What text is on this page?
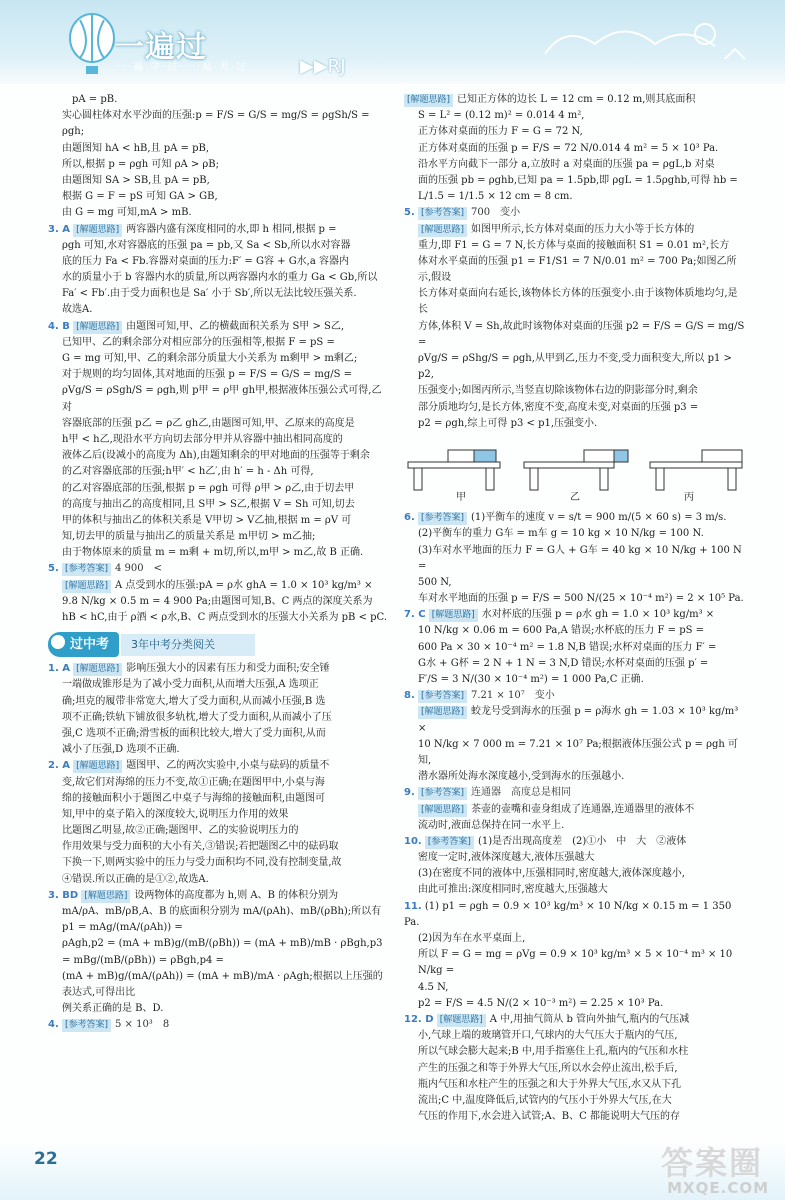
一遍过
一·遍·学·过·一·遍·考·过	▶▶RJ

pA = pB.

实心圆柱体对水平沙面的压强:p = F/S = G/S = mg/S = ρgSh/S = ρgh;

由题图知 hA < hB,且 pA = pB,

所以,根据 p = ρgh 可知 ρA > ρB;

由题图知 SA > SB,且 pA = pB,

根据 G = F = pS 可知 GA > GB,

由 G = mg 可知,mA > mB.

3. A [解题思路] 两容器内盛有深度相同的水,即 h 相同,根据 p =

ρgh 可知,水对容器底的压强 pa = pb,又 Sa < Sb,所以水对容器

底的压力 Fa < Fb.容器对桌面的压力:F′ = G容 + G水,a 容器内

水的质量小于 b 容器内水的质量,所以两容器内水的重力 Ga < Gb,所以

Fa′ < Fb′.由于受力面积也是 Sa′ 小于 Sb′,所以无法比较压强关系.

故选A.

4. B [解题思路] 由题图可知,甲、乙的横截面积关系为 S甲 > S乙,

已知甲、乙的剩余部分对相应部分的压强相等,根据 F = pS =

G = mg 可知,甲、乙的剩余部分质量大小关系为 m剩甲 > m剩乙;

对于规则的均匀固体,其对地面的压强 p = F/S = G/S = mg/S =

ρVg/S = ρSgh/S = ρgh,则 p甲 = ρ甲 gh甲,根据液体压强公式可得,乙对

容器底部的压强 p乙 = ρ乙 gh乙,由题图可知,甲、乙原来的高度是

h甲 < h乙,现沿水平方向切去部分甲并从容器中抽出相同高度的

液体乙后(设减小的高度为 Δh),由题知剩余的甲对地面的压强等于剩余

的乙对容器底部的压强;h甲′ < h乙′,由 h′ = h - Δh 可得,

的乙对容器底部的压强,根据 p = ρgh 可得 ρ甲 > ρ乙,由于切去甲

的高度与抽出乙的高度相同,且 S甲 > S乙,根据 V = Sh 可知,切去

甲的体积与抽出乙的体积关系是 V甲切 > V乙抽,根据 m = ρV 可

知,切去甲的质量与抽出乙的质量关系是 m甲切 > m乙抽;

由于物体原来的质量 m = m剩 + m切,所以,m甲 > m乙,故 B 正确.

5. [参考答案] 4 900　<

[解题思路] A 点受到水的压强:pA = ρ水 ghA = 1.0 × 10³ kg/m³ ×

9.8 N/kg × 0.5 m = 4 900 Pa;由题图可知,B、C 两点的深度关系为

hB < hC,由于 ρ酒 < ρ水,B、C 两点受到水的压强大小关系为 pB < pC.

过中考	3年中考分类阅关

1. A [解题思路] 影响压强大小的因素有压力和受力面积;安全锤

一端做成锥形是为了减小受力面积,从而增大压强,A 选项正

确;坦克的履带非常宽大,增大了受力面积,从而减小压强,B 选

项不正确;铁轨下铺放很多轨枕,增大了受力面积,从而减小了压

强,C 选项不正确;滑雪板的面积比较大,增大了受力面积,从而

减小了压强,D 选项不正确.

2. A [解题思路] 题图甲、乙的两次实验中,小桌与砝码的质量不

变,故它们对海绵的压力不变,故①正确;在题图甲中,小桌与海

绵的接触面积小于题图乙中桌子与海绵的接触面积,由题图可

知,甲中的桌子陷入的深度较大,说明压力作用的效果

比题图乙明显,故②正确;题图甲、乙的实验说明压力的

作用效果与受力面积的大小有关,③错误;若把题图乙中的砝码取

下换一下,则两实验中的压力与受力面积均不同,没有控制变量,故

④错误.所以正确的是①②,故选A.

3. BD [解题思路] 设两物体的高度都为 h,则 A、B 的体积分别为

mA/ρA、mB/ρB,A、B 的底面积分别为 mA/(ρAh)、mB/(ρBh);所以有 p1 = mAg/(mA/(ρAh)) =

ρAgh,p2 = (mA + mB)g/(mB/(ρBh)) = (mA + mB)/mB · ρBgh,p3 = mBg/(mB/(ρBh)) = ρBgh,p4 =

(mA + mB)g/(mA/(ρAh)) = (mA + mB)/mA · ρAgh;根据以上压强的表达式,可得出比

例关系正确的是 B、D.

4. [参考答案] 5 × 10³　8

[解题思路] 已知正方体的边长 L = 12 cm = 0.12 m,则其底面积

S = L² = (0.12 m)² = 0.014 4 m²,

正方体对桌面的压力 F = G = 72 N,

正方体对桌面的压强 p = F/S = 72 N/0.014 4 m² = 5 × 10³ Pa.

沿水平方向截下一部分 a,立放时 a 对桌面的压强 pa = ρgL,b 对桌

面的压强 pb = ρghb,已知 pa = 1.5pb,即 ρgL = 1.5ρghb,可得 hb =

L/1.5 = 1/1.5 × 12 cm = 8 cm.

5. [参考答案] 700　变小

[解题思路] 如图甲所示,长方体对桌面的压力大小等于长方体的

重力,即 F1 = G = 7 N,长方体与桌面的接触面积 S1 = 0.01 m²,长方

体对水平桌面的压强 p1 = F1/S1 = 7 N/0.01 m² = 700 Pa;如图乙所示,假设

长方体对桌面向右延长,该物体长方体的压强变小.由于该物体质地均匀,是长

方体,体积 V = Sh,故此时该物体对桌面的压强 p2 = F/S = G/S = mg/S =

ρVg/S = ρShg/S = ρgh,从甲到乙,压力不变,受力面积变大,所以 p1 > p2,

压强变小;如图丙所示,当竖直切除该物体右边的阴影部分时,剩余

部分质地均匀,是长方体,密度不变,高度未变,对桌面的压强 p3 =

p2 = ρgh,综上可得 p3 < p1,压强变小.

甲	乙	丙

6. [参考答案] (1)平衡车的速度 v = s/t = 900 m/(5 × 60 s) = 3 m/s.

(2)平衡车的重力 G车 = m车 g = 10 kg × 10 N/kg = 100 N.

(3)车对水平地面的压力 F = G人 + G车 = 40 kg × 10 N/kg + 100 N =

500 N,

车对水平地面的压强 p = F/S = 500 N/(25 × 10⁻⁴ m²) = 2 × 10⁵ Pa.

7. C [解题思路] 水对杯底的压强 p = ρ水 gh = 1.0 × 10³ kg/m³ ×

10 N/kg × 0.06 m = 600 Pa,A 错误;水杯底的压力 F = pS =

600 Pa × 30 × 10⁻⁴ m² = 1.8 N,B 错误;水杯对桌面的压力 F′ =

G水 + G杯 = 2 N + 1 N = 3 N,D 错误;水杯对桌面的压强 p′ =

F′/S = 3 N/(30 × 10⁻⁴ m²) = 1 000 Pa,C 正确.

8. [参考答案] 7.21 × 10⁷　变小

[解题思路] 蛟龙号受到海水的压强 p = ρ海水 gh = 1.03 × 10³ kg/m³ ×

10 N/kg × 7 000 m = 7.21 × 10⁷ Pa;根据液体压强公式 p = ρgh 可知,

潜水器所处海水深度越小,受到海水的压强越小.

9. [参考答案] 连通器　高度总是相同

[解题思路] 茶壶的壶嘴和壶身组成了连通器,连通器里的液体不

流动时,液面总保持在同一水平上.

10. [参考答案] (1)是否出现高度差　(2)①小　中　大　②液体

密度一定时,液体深度越大,液体压强越大

(3)在密度不同的液体中,压强相同时,密度越大,液体深度越小,

由此可推出:深度相同时,密度越大,压强越大

11. (1) p1 = ρgh = 0.9 × 10³ kg/m³ × 10 N/kg × 0.15 m = 1 350 Pa.

(2)因为车在水平桌面上,

所以 F = G = mg = ρVg = 0.9 × 10³ kg/m³ × 5 × 10⁻⁴ m³ × 10 N/kg =

4.5 N,

p2 = F/S = 4.5 N/(2 × 10⁻³ m²) = 2.25 × 10³ Pa.

12. D [解题思路] A 中,用抽气筒从 b 管向外抽气,瓶内的气压减

小,气球上端的玻璃管开口,气球内的大气压大于瓶内的气压,

所以气球会膨大起来;B 中,用手指塞住上孔,瓶内的气压和水柱

产生的压强之和等于外界大气压,所以水会停止流出,松手后,

瓶内气压和水柱产生的压强之和大于外界大气压,水又从下孔

流出;C 中,温度降低后,试管内的气压小于外界大气压,在大

气压的作用下,水会进入试管;A、B、C 都能说明大气压的存

22	答案圈
MXQE.COM
